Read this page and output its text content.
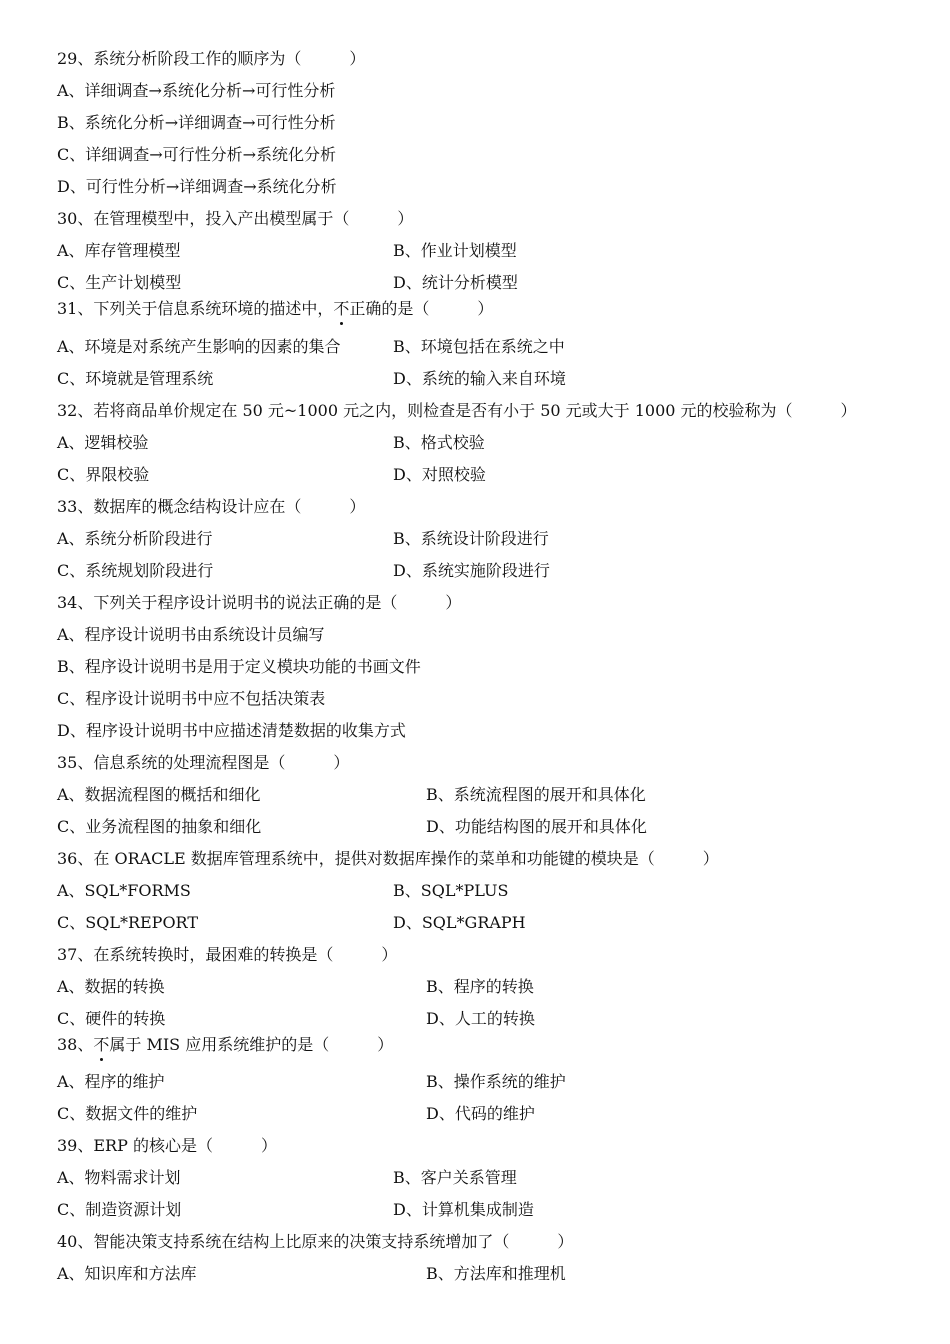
29、系统分析阶段工作的顺序为（　　　）
A、详细调查→系统化分析→可行性分析
B、系统化分析→详细调查→可行性分析
C、详细调查→可行性分析→系统化分析
D、可行性分析→详细调查→系统化分析
30、在管理模型中，投入产出模型属于（　　　）
A、库存管理模型	B、作业计划模型
C、生产计划模型	D、统计分析模型
31、下列关于信息系统环境的描述中，不正确的是（　　　）
A、环境是对系统产生影响的因素的集合	B、环境包括在系统之中
C、环境就是管理系统	D、系统的输入来自环境
32、若将商品单价规定在 50 元~1000 元之内，则检查是否有小于 50 元或大于 1000 元的校验称为（　　　）
A、逻辑校验	B、格式校验
C、界限校验	D、对照校验
33、数据库的概念结构设计应在（　　　）
A、系统分析阶段进行	B、系统设计阶段进行
C、系统规划阶段进行	D、系统实施阶段进行
34、下列关于程序设计说明书的说法正确的是（　　　）
A、程序设计说明书由系统设计员编写
B、程序设计说明书是用于定义模块功能的书画文件
C、程序设计说明书中应不包括决策表
D、程序设计说明书中应描述清楚数据的收集方式
35、信息系统的处理流程图是（　　　）
A、数据流程图的概括和细化	B、系统流程图的展开和具体化
C、业务流程图的抽象和细化	D、功能结构图的展开和具体化
36、在 ORACLE 数据库管理系统中，提供对数据库操作的菜单和功能键的模块是（　　　）
A、SQL*FORMS	B、SQL*PLUS
C、SQL*REPORT	D、SQL*GRAPH
37、在系统转换时，最困难的转换是（　　　）
A、数据的转换	B、程序的转换
C、硬件的转换	D、人工的转换
38、不属于 MIS 应用系统维护的是（　　　）
A、程序的维护	B、操作系统的维护
C、数据文件的维护	D、代码的维护
39、ERP 的核心是（　　　）
A、物料需求计划	B、客户关系管理
C、制造资源计划	D、计算机集成制造
40、智能决策支持系统在结构上比原来的决策支持系统增加了（　　　）
A、知识库和方法库	B、方法库和推理机
